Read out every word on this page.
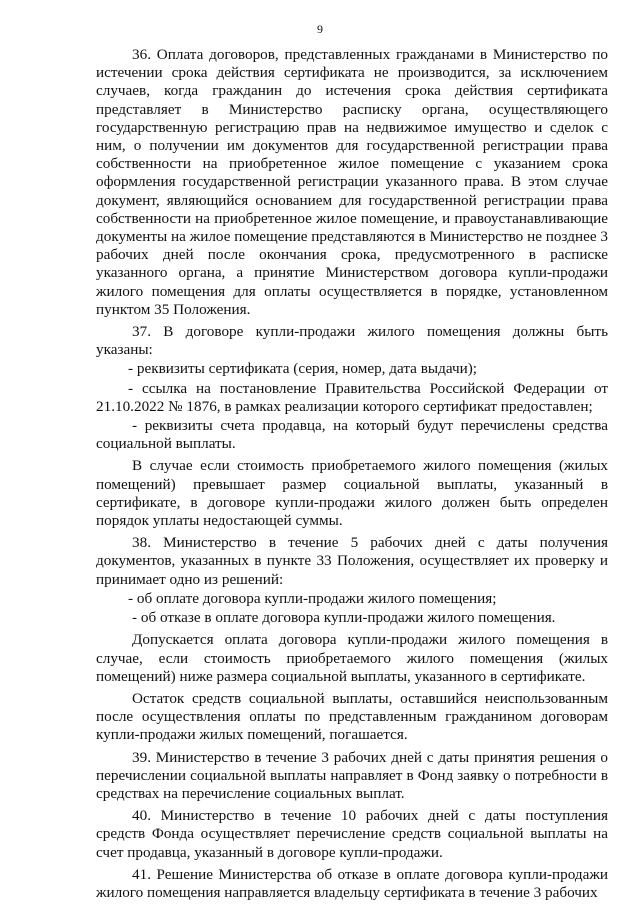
9

36. Оплата договоров, представленных гражданами в Министерство по истечении срока действия сертификата не производится, за исключением случаев, когда гражданин до истечения срока действия сертификата представляет в Министерство расписку органа, осуществляющего государственную регистрацию прав на недвижимое имущество и сделок с ним, о получении им документов для государственной регистрации права собственности на приобретенное жилое помещение с указанием срока оформления государственной регистрации указанного права. В этом случае документ, являющийся основанием для государственной регистрации права собственности на приобретенное жилое помещение, и правоустанавливающие документы на жилое помещение представляются в Министерство не позднее 3 рабочих дней после окончания срока, предусмотренного в расписке указанного органа, а принятие Министерством договора купли-продажи жилого помещения для оплаты осуществляется в порядке, установленном пунктом 35 Положения.

37. В договоре купли-продажи жилого помещения должны быть указаны:

- реквизиты сертификата (серия, номер, дата выдачи);

- ссылка на постановление Правительства Российской Федерации от 21.10.2022 № 1876, в рамках реализации которого сертификат предоставлен;

- реквизиты счета продавца, на который будут перечислены средства социальной выплаты.

В случае если стоимость приобретаемого жилого помещения (жилых помещений) превышает размер социальной выплаты, указанный в сертификате, в договоре купли-продажи жилого должен быть определен порядок уплаты недостающей суммы.

38. Министерство в течение 5 рабочих дней с даты получения документов, указанных в пункте 33 Положения, осуществляет их проверку и принимает одно из решений:

- об оплате договора купли-продажи жилого помещения;

- об отказе в оплате договора купли-продажи жилого помещения.

Допускается оплата договора купли-продажи жилого помещения в случае, если стоимость приобретаемого жилого помещения (жилых помещений) ниже размера социальной выплаты, указанного в сертификате.

Остаток средств социальной выплаты, оставшийся неиспользованным после осуществления оплаты по представленным гражданином договорам купли-продажи жилых помещений, погашается.

39. Министерство в течение 3 рабочих дней с даты принятия решения о перечислении социальной выплаты направляет в Фонд заявку о потребности в средствах на перечисление социальных выплат.

40. Министерство в течение 10 рабочих дней с даты поступления средств Фонда осуществляет перечисление средств социальной выплаты на счет продавца, указанный в договоре купли-продажи.

41. Решение Министерства об отказе в оплате договора купли-продажи жилого помещения направляется владельцу сертификата в течение 3 рабочих
